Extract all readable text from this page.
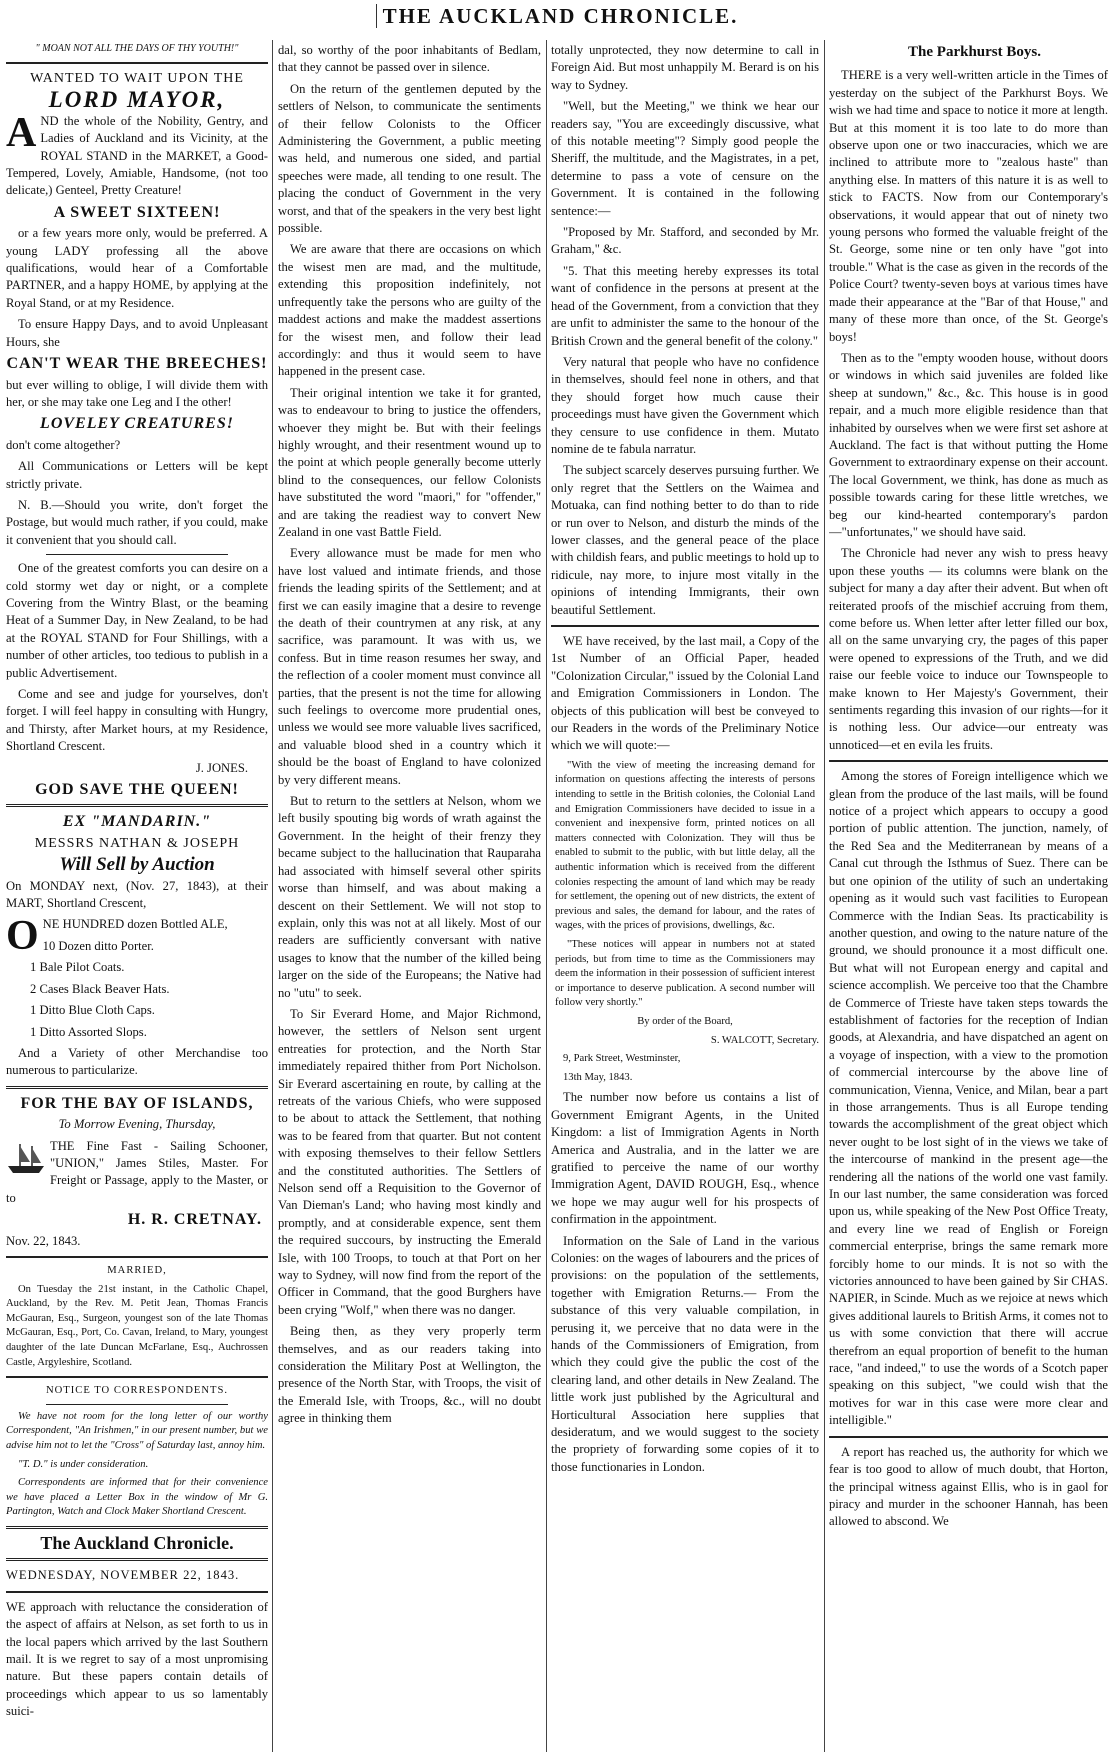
THE AUCKLAND CHRONICLE.

" MOAN NOT ALL THE DAYS OF THY YOUTH!"

WANTED TO WAIT UPON THE

LORD MAYOR,

AND the whole of the Nobility, Gentry, and Ladies of Auckland and its Vicinity, at the ROYAL STAND in the MARKET, a Good-Tempered, Lovely, Amiable, Handsome, (not too delicate,) Genteel, Pretty Creature!

A SWEET SIXTEEN!

or a few years more only, would be preferred. A young LADY professing all the above qualifications, would hear of a Comfortable PARTNER, and a happy HOME, by applying at the Royal Stand, or at my Residence.

To ensure Happy Days, and to avoid Unpleasant Hours, she

CAN'T WEAR THE BREECHES!

but ever willing to oblige, I will divide them with her, or she may take one Leg and I the other!

LOVELEY CREATURES!

don't come altogether?

All Communications or Letters will be kept strictly private.

N. B.—Should you write, don't forget the Postage, but would much rather, if you could, make it convenient that you should call.

One of the greatest comforts you can desire on a cold stormy wet day or night, or a complete Covering from the Wintry Blast, or the beaming Heat of a Summer Day, in New Zealand, to be had at the ROYAL STAND for Four Shillings, with a number of other articles, too tedious to publish in a public Advertisement.

Come and see and judge for yourselves, don't forget. I will feel happy in consulting with Hungry, and Thirsty, after Market hours, at my Residence, Shortland Crescent.

J. JONES.

GOD SAVE THE QUEEN!

EX "MANDARIN."

MESSRS NATHAN & JOSEPH

Will Sell by Auction

On MONDAY next, (Nov. 27, 1843), at their MART, Shortland Crescent,

ONE HUNDRED dozen Bottled ALE,

10 Dozen ditto Porter.

1 Bale Pilot Coats.

2 Cases Black Beaver Hats.

1 Ditto Blue Cloth Caps.

1 Ditto Assorted Slops.

And a Variety of other Merchandise too numerous to particularize.

FOR THE BAY OF ISLANDS,

To Morrow Evening, Thursday,

THE Fine Fast - Sailing Schooner, "UNION," James Stiles, Master. For Freight or Passage, apply to the Master, or to

H. R. CRETNAY.

Nov. 22, 1843.

MARRIED,

On Tuesday the 21st instant, in the Catholic Chapel, Auckland, by the Rev. M. Petit Jean, Thomas Francis McGauran, Esq., Surgeon, youngest son of the late Thomas McGauran, Esq., Port, Co. Cavan, Ireland, to Mary, youngest daughter of the late Duncan McFarlane, Esq., Auchrossen Castle, Argyleshire, Scotland.

NOTICE TO CORRESPONDENTS.

We have not room for the long letter of our worthy Correspondent, "An Irishmen," in our present number, but we advise him not to let the "Cross" of Saturday last, annoy him.

"T. D." is under consideration.

Correspondents are informed that for their convenience we have placed a Letter Box in the window of Mr G. Partington, Watch and Clock Maker Shortland Crescent.

The Auckland Chronicle.

WEDNESDAY, NOVEMBER 22, 1843.

WE approach with reluctance the consideration of the aspect of affairs at Nelson, as set forth to us in the local papers which arrived by the last Southern mail. It is we regret to say of a most unpromising nature. But these papers contain details of proceedings which appear to us so lamentably suici-

dal, so worthy of the poor inhabitants of Bedlam, that they cannot be passed over in silence.

On the return of the gentlemen deputed by the settlers of Nelson, to communicate the sentiments of their fellow Colonists to the Officer Administering the Government, a public meeting was held, and numerous one sided, and partial speeches were made, all tending to one result. The placing the conduct of Government in the very worst, and that of the speakers in the very best light possible.

We are aware that there are occasions on which the wisest men are mad, and the multitude, extending this proposition indefinitely, not unfrequently take the persons who are guilty of the maddest actions and make the maddest assertions for the wisest men, and follow their lead accordingly: and thus it would seem to have happened in the present case.

Their original intention we take it for granted, was to endeavour to bring to justice the offenders, whoever they might be. But with their feelings highly wrought, and their resentment wound up to the point at which people generally become utterly blind to the consequences, our fellow Colonists have substituted the word "maori," for "offender," and are taking the readiest way to convert New Zealand in one vast Battle Field.

Every allowance must be made for men who have lost valued and intimate friends, and those friends the leading spirits of the Settlement; and at first we can easily imagine that a desire to revenge the death of their countrymen at any risk, at any sacrifice, was paramount. It was with us, we confess. But in time reason resumes her sway, and the reflection of a cooler moment must convince all parties, that the present is not the time for allowing such feelings to overcome more prudential ones, unless we would see more valuable lives sacrificed, and valuable blood shed in a country which it should be the boast of England to have colonized by very different means.

But to return to the settlers at Nelson, whom we left busily spouting big words of wrath against the Government. In the height of their frenzy they became subject to the hallucination that Rauparaha had associated with himself several other spirits worse than himself, and was about making a descent on their Settlement. We will not stop to explain, only this was not at all likely. Most of our readers are sufficiently conversant with native usages to know that the number of the killed being larger on the side of the Europeans; the Native had no "utu" to seek.

To Sir Everard Home, and Major Richmond, however, the settlers of Nelson sent urgent entreaties for protection, and the North Star immediately repaired thither from Port Nicholson. Sir Everard ascertaining en route, by calling at the retreats of the various Chiefs, who were supposed to be about to attack the Settlement, that nothing was to be feared from that quarter. But not content with exposing themselves to their fellow Settlers and the constituted authorities. The Settlers of Nelson send off a Requisition to the Governor of Van Dieman's Land; who having most kindly and promptly, and at considerable expence, sent them the required succours, by instructing the Emerald Isle, with 100 Troops, to touch at that Port on her way to Sydney, will now find from the report of the Officer in Command, that the good Burghers have been crying "Wolf," when there was no danger.

Being then, as they very properly term themselves, and as our readers taking into consideration the Military Post at Wellington, the presence of the North Star, with Troops, the visit of the Emerald Isle, with Troops, &c., will no doubt agree in thinking them

totally unprotected, they now determine to call in Foreign Aid. But most unhappily M. Berard is on his way to Sydney.

"Well, but the Meeting," we think we hear our readers say, "You are exceedingly discussive, what of this notable meeting"? Simply good people the Sheriff, the multitude, and the Magistrates, in a pet, determine to pass a vote of censure on the Government. It is contained in the following sentence:—

"Proposed by Mr. Stafford, and seconded by Mr. Graham," &c.

"5. That this meeting hereby expresses its total want of confidence in the persons at present at the head of the Government, from a conviction that they are unfit to administer the same to the honour of the British Crown and the general benefit of the colony."

Very natural that people who have no confidence in themselves, should feel none in others, and that they should forget how much cause their proceedings must have given the Government which they censure to use confidence in them. Mutato nomine de te fabula narratur.

The subject scarcely deserves pursuing further. We only regret that the Settlers on the Waimea and Motuaka, can find nothing better to do than to ride or run over to Nelson, and disturb the minds of the lower classes, and the general peace of the place with childish fears, and public meetings to hold up to ridicule, nay more, to injure most vitally in the opinions of intending Immigrants, their own beautiful Settlement.

WE have received, by the last mail, a Copy of the 1st Number of an Official Paper, headed "Colonization Circular," issued by the Colonial Land and Emigration Commissioners in London. The objects of this publication will best be conveyed to our Readers in the words of the Preliminary Notice which we will quote:—

"With the view of meeting the increasing demand for information on questions affecting the interests of persons intending to settle in the British colonies, the Colonial Land and Emigration Commissioners have decided to issue in a convenient and inexpensive form, printed notices on all matters connected with Colonization. They will thus be enabled to submit to the public, with but little delay, all the authentic information which is received from the different colonies respecting the amount of land which may be ready for settlement, the opening out of new districts, the extent of previous and sales, the demand for labour, and the rates of wages, with the prices of provisions, dwellings, &c.

"These notices will appear in numbers not at stated periods, but from time to time as the Commissioners may deem the information in their possession of sufficient interest or importance to deserve publication. A second number will follow very shortly."

By order of the Board,

S. WALCOTT, Secretary.

9, Park Street, Westminster,

13th May, 1843.

The number now before us contains a list of Government Emigrant Agents, in the United Kingdom: a list of Immigration Agents in North America and Australia, and in the latter we are gratified to perceive the name of our worthy Immigration Agent, DAVID ROUGH, Esq., whence we hope we may augur well for his prospects of confirmation in the appointment.

Information on the Sale of Land in the various Colonies: on the wages of labourers and the prices of provisions: on the population of the settlements, together with Emigration Returns.— From the substance of this very valuable compilation, in perusing it, we perceive that no data were in the hands of the Commissioners of Emigration, from which they could give the public the cost of the clearing land, and other details in New Zealand. The little work just published by the Agricultural and Horticultural Association here supplies that desideratum, and we would suggest to the society the propriety of forwarding some copies of it to those functionaries in London.

The Parkhurst Boys.

THERE is a very well-written article in the Times of yesterday on the subject of the Parkhurst Boys. We wish we had time and space to notice it more at length. But at this moment it is too late to do more than observe upon one or two inaccuracies, which we are inclined to attribute more to "zealous haste" than anything else. In matters of this nature it is as well to stick to FACTS. Now from our Contemporary's observations, it would appear that out of ninety two young persons who formed the valuable freight of the St. George, some nine or ten only have "got into trouble." What is the case as given in the records of the Police Court? twenty-seven boys at various times have made their appearance at the "Bar of that House," and many of these more than once, of the St. George's boys!

Then as to the "empty wooden house, without doors or windows in which said juveniles are folded like sheep at sundown," &c., &c. This house is in good repair, and a much more eligible residence than that inhabited by ourselves when we were first set ashore at Auckland. The fact is that without putting the Home Government to extraordinary expense on their account. The local Government, we think, has done as much as possible towards caring for these little wretches, we beg our kind-hearted contemporary's pardon—"unfortunates," we should have said.

The Chronicle had never any wish to press heavy upon these youths — its columns were blank on the subject for many a day after their advent. But when oft reiterated proofs of the mischief accruing from them, come before us. When letter after letter filled our box, all on the same unvarying cry, the pages of this paper were opened to expressions of the Truth, and we did raise our feeble voice to induce our Townspeople to make known to Her Majesty's Government, their sentiments regarding this invasion of our rights—for it is nothing less. Our advice—our entreaty was unnoticed—et en evila les fruits.

Among the stores of Foreign intelligence which we glean from the produce of the last mails, will be found notice of a project which appears to occupy a good portion of public attention. The junction, namely, of the Red Sea and the Mediterranean by means of a Canal cut through the Isthmus of Suez. There can be but one opinion of the utility of such an undertaking opening as it would such vast facilities to European Commerce with the Indian Seas. Its practicability is another question, and owing to the nature nature of the ground, we should pronounce it a most difficult one. But what will not European energy and capital and science accomplish. We perceive too that the Chambre de Commerce of Trieste have taken steps towards the establishment of factories for the reception of Indian goods, at Alexandria, and have dispatched an agent on a voyage of inspection, with a view to the promotion of commercial intercourse by the above line of communication, Vienna, Venice, and Milan, bear a part in those arrangements. Thus is all Europe tending towards the accomplishment of the great object which never ought to be lost sight of in the views we take of the intercourse of mankind in the present age—the rendering all the nations of the world one vast family. In our last number, the same consideration was forced upon us, while speaking of the New Post Office Treaty, and every line we read of English or Foreign commercial enterprise, brings the same remark more forcibly home to our minds. It is not so with the victories announced to have been gained by Sir CHAS. NAPIER, in Scinde. Much as we rejoice at news which gives additional laurels to British Arms, it comes not to us with some conviction that there will accrue therefrom an equal proportion of benefit to the human race, "and indeed," to use the words of a Scotch paper speaking on this subject, "we could wish that the motives for war in this case were more clear and intelligible."

A report has reached us, the authority for which we fear is too good to allow of much doubt, that Horton, the principal witness against Ellis, who is in gaol for piracy and murder in the schooner Hannah, has been allowed to abscond. We
